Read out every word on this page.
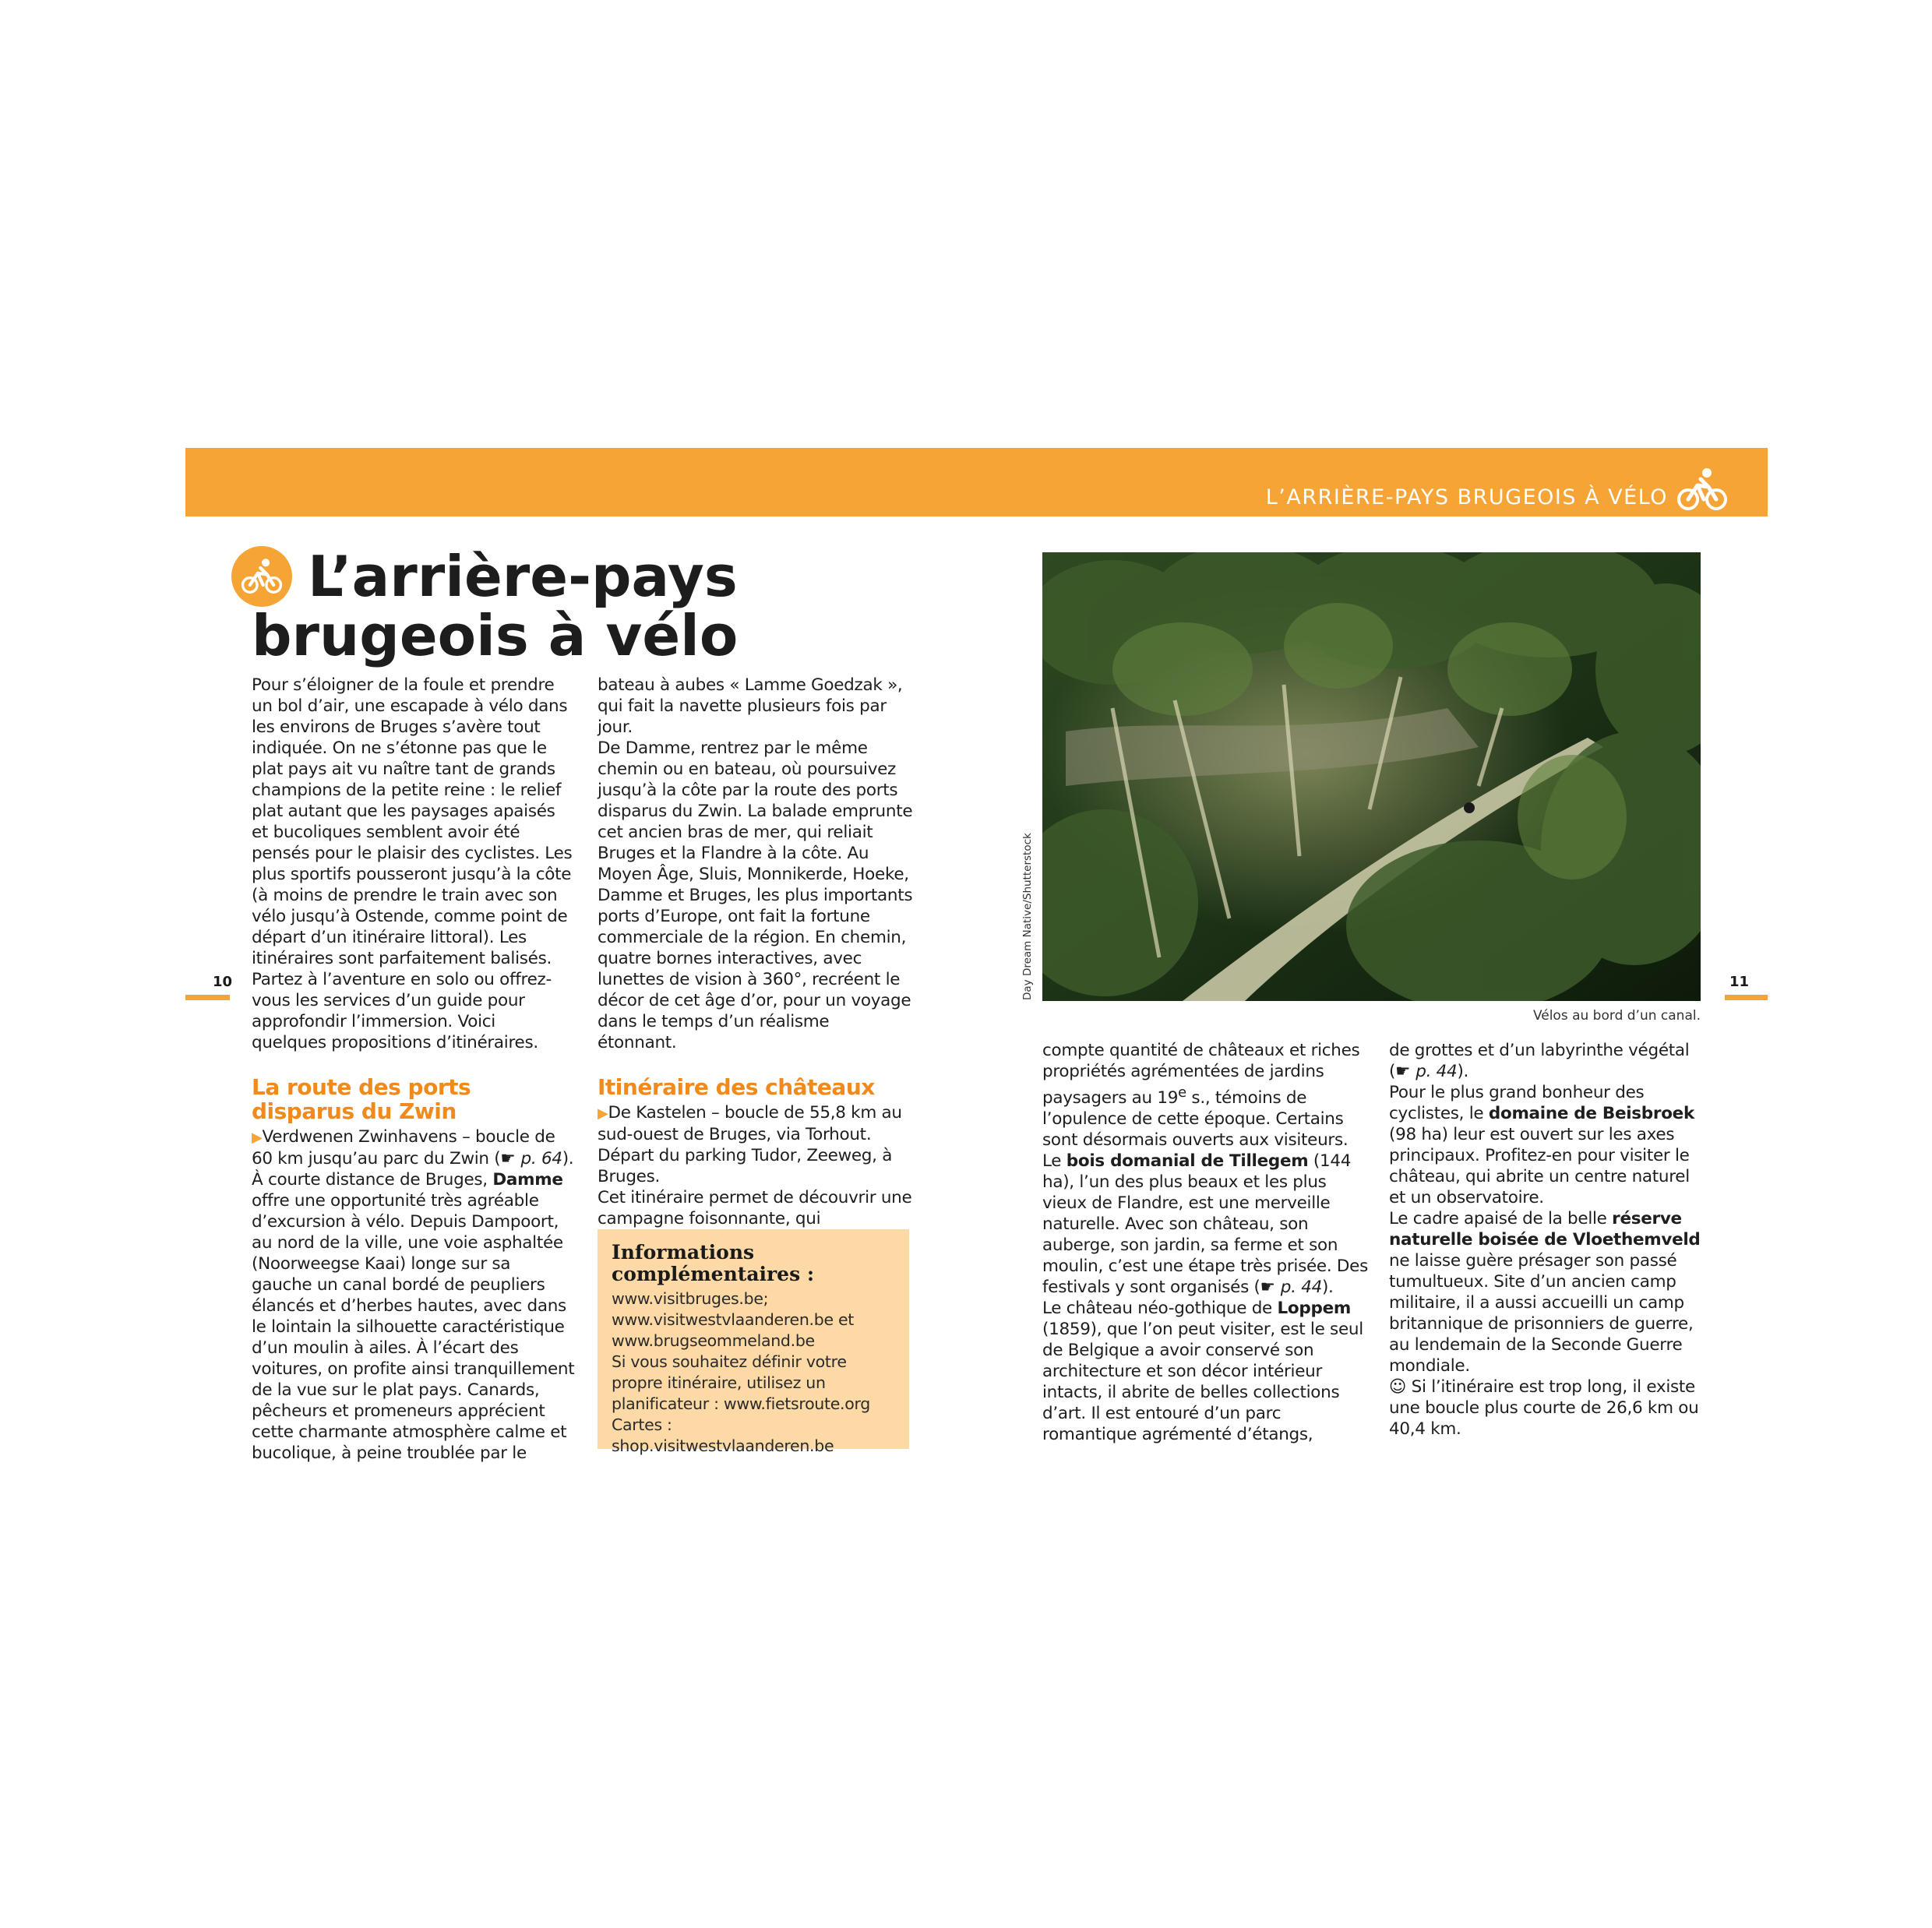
L’ARRIÈRE-PAYS BRUGEOIS À VÉLO
L’arrière-pays brugeois à vélo
10	11

Pour s’éloigner de la foule et prendre un bol d’air, une escapade à vélo dans les environs de Bruges s’avère tout indiquée. On ne s’étonne pas que le plat pays ait vu naître tant de grands champions de la petite reine : le relief plat autant que les paysages apaisés et bucoliques semblent avoir été pensés pour le plaisir des cyclistes. Les plus sportifs pousseront jusqu’à la côte (à moins de prendre le train avec son vélo jusqu’à Ostende, comme point de départ d’un itinéraire littoral). Les itinéraires sont parfaitement balisés. Partez à l’aventure en solo ou offrez-vous les services d’un guide pour approfondir l’immersion. Voici quelques propositions d’itinéraires.

La route des ports disparus du Zwin

▶Verdwenen Zwinhavens – boucle de 60 km jusqu’au parc du Zwin (☛ p. 64).

À courte distance de Bruges, Damme offre une opportunité très agréable d’excursion à vélo. Depuis Dampoort, au nord de la ville, une voie asphaltée (Noorweegse Kaai) longe sur sa gauche un canal bordé de peupliers élancés et d’herbes hautes, avec dans le lointain la silhouette caractéristique d’un moulin à ailes. À l’écart des voitures, on profite ainsi tranquillement de la vue sur le plat pays. Canards, pêcheurs et promeneurs apprécient cette charmante atmosphère calme et bucolique, à peine troublée par le

bateau à aubes « Lamme Goedzak », qui fait la navette plusieurs fois par jour.

De Damme, rentrez par le même chemin ou en bateau, où poursuivez jusqu’à la côte par la route des ports disparus du Zwin. La balade emprunte cet ancien bras de mer, qui reliait Bruges et la Flandre à la côte. Au Moyen Âge, Sluis, Monnikerde, Hoeke, Damme et Bruges, les plus importants ports d’Europe, ont fait la fortune commerciale de la région. En chemin, quatre bornes interactives, avec lunettes de vision à 360°, recréent le décor de cet âge d’or, pour un voyage dans le temps d’un réalisme étonnant.

Itinéraire des châteaux

▶De Kastelen – boucle de 55,8 km au sud-ouest de Bruges, via Torhout. Départ du parking Tudor, Zeeweg, à Bruges.

Cet itinéraire permet de découvrir une campagne foisonnante, qui

Informations complémentaires :
www.visitbruges.be;
www.visitwestvlaanderen.be et
www.brugseommeland.be
Si vous souhaitez définir votre propre itinéraire, utilisez un planificateur : www.fietsroute.org
Cartes : shop.visitwestvlaanderen.be
Day Dream Native/Shutterstock
Vélos au bord d’un canal.

compte quantité de châteaux et riches propriétés agrémentées de jardins paysagers au 19e s., témoins de l’opulence de cette époque. Certains sont désormais ouverts aux visiteurs.

Le bois domanial de Tillegem (144 ha), l’un des plus beaux et les plus vieux de Flandre, est une merveille naturelle. Avec son château, son auberge, son jardin, sa ferme et son moulin, c’est une étape très prisée. Des festivals y sont organisés (☛ p. 44).

Le château néo-gothique de Loppem (1859), que l’on peut visiter, est le seul de Belgique a avoir conservé son architecture et son décor intérieur intacts, il abrite de belles collections d’art. Il est entouré d’un parc romantique agrémenté d’étangs,

de grottes et d’un labyrinthe végétal (☛ p. 44).

Pour le plus grand bonheur des cyclistes, le domaine de Beisbroek (98 ha) leur est ouvert sur les axes principaux. Profitez-en pour visiter le château, qui abrite un centre naturel et un observatoire.

Le cadre apaisé de la belle réserve naturelle boisée de Vloethemveld ne laisse guère présager son passé tumultueux. Site d’un ancien camp militaire, il a aussi accueilli un camp britannique de prisonniers de guerre, au lendemain de la Seconde Guerre mondiale.

☺ Si l’itinéraire est trop long, il existe une boucle plus courte de 26,6 km ou 40,4 km.
